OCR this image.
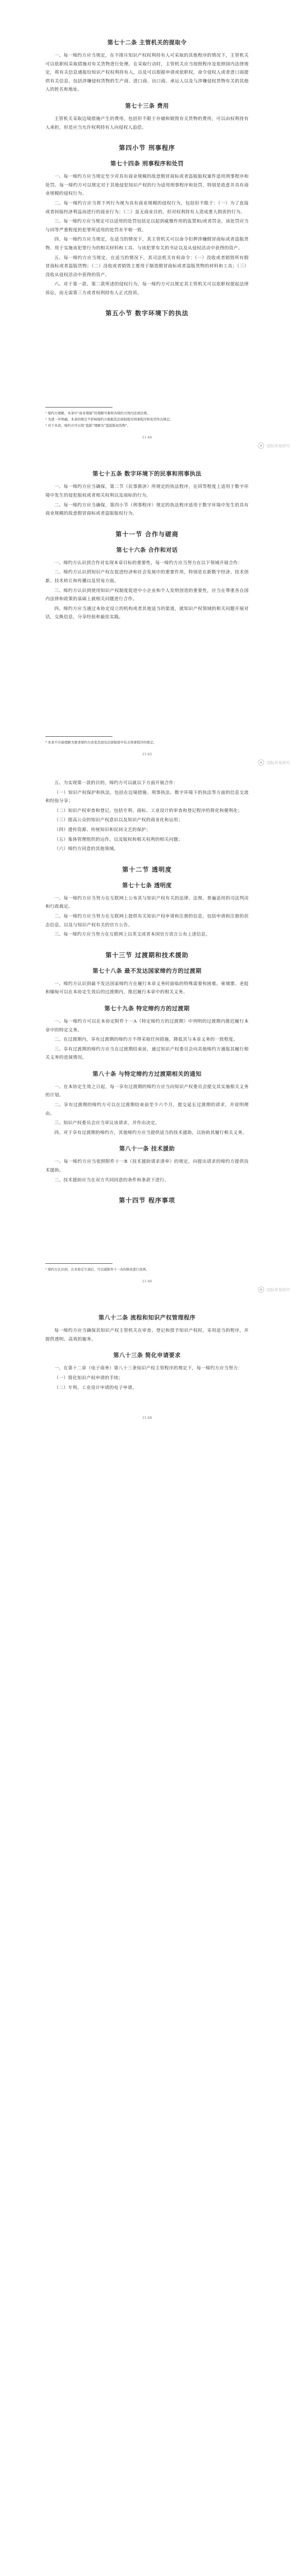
第七十二条 主管机关的提取令

一、每一缔约方应当规定，在不排斥知识产权权利持有人可采取的其他程序的情况下，主管机关可以依职权采取措施对有关货物进行处理。在采取行动时，主管机关应当按照程序及依照国内法律规定，将有关信息通报给知识产权权利持有人，以及可以根据申请或依职权，命令侵权人或者进口商提供有关信息，包括涉嫌侵权货物的生产商、进口商、出口商、承运人以及与涉嫌侵权货物有关的其他人的姓名和地址。

第七十三条 费用

主管机关采取边境措施产生的费用，包括但不限于存储和销毁有关货物的费用，可以由权利持有人承担，但是应当允许权利持有人向侵权人追偿。

第四小节 刑事程序
第七十四条 刑事程序和处罚

一、每一缔约方应当规定至少对具有商业规模的故意假冒商标或者盗版版权案件适用刑事程序和处罚。每一缔约方可以规定对于其他侵犯知识产权的行为适用刑事程序和处罚，特别是故意并具有商业规模的侵权行为。

二、每一缔约方应当将下列行为视为具有商业规模的侵权行为，包括但不限于：（一）为了直接或者间接经济利益而进行的商业行为；（二）虽无商业目的，但对权利持有人造成重大损害的行为。

三、每一缔约方应当规定可以适用的处罚包括足以起到威慑作用的监禁和/或者罚金，该处罚应当与同等严重程度的犯罪所适用的处罚水平相一致。

四、每一缔约方应当规定，在适当的情况下，其主管机关可以命令扣押涉嫌假冒商标或者盗版货物、用于实施该犯罪行为的相关材料和工具、与该犯罪有关的书证以及从侵权活动中获得的资产。

五、每一缔约方应当规定，在适当的情况下，其司法机关有权命令：（一）没收或者销毁所有假冒商标或者盗版货物；（二）没收或者销毁主要用于制造假冒商标或者盗版货物的材料和工具；（三）没收从侵权活动中获得的资产。

六、对于第一款、第二款所述的侵权行为，每一缔约方可以规定其主管机关可以依职权提起法律诉讼，而无需第三方或者权利持有人正式投诉。

第五小节 数字环境下的执法
¹ 缔约方理解，本条中“商业规模”的理解可参照各缔约方国内法律法规。
² 为进一步明确，本条的规定不影响缔约方根据其法律制度对刑事程序和处罚作出规定。
³ 对于本款，缔约方可以将“盗版”理解为“盗版版权货物”。
11-44
国际贸易研究
第七十五条 数字环境下的民事和刑事执法

一、每一缔约方应当确保，第二节（民事救济）所规定的执法程序，在同等程度上适用于数字环境中发生的侵犯版权或者相关权利以及商标的行为。

二、每一缔约方应当确保，第四小节（刑事程序）规定的执法程序适用于数字环境中发生的具有商业规模的故意假冒商标或者盗版版权行为。

第十一节 合作与磋商
第七十六条 合作和对话

一、缔约方认识到合作对实现本章目标的重要性，每一缔约方应当努力在以下领域开展合作：

二、缔约方认识到知识产权在促进经济和社会发展中的重要作用，特别是在新数字经济、技术创新、技术转让和传播以及贸易方面。

三、缔约方认识到使用知识产权制度促进中小企业和个人发明创造的重要性，应当在尊重各自国内法律和政策的基础上就相关问题进行合作。

四、缔约方应当通过本协定设立的机构或者其他适当的渠道，就知识产权领域的相关问题开展对话，交换信息，分享经验和最佳实践。

⁴ 本条不应被理解为要求缔约方改变其现有法律制度中有关刑事程序的规定。
11-45
国际贸易研究

五、为实现第一款的目的，缔约方可以就以下方面开展合作：

（一）知识产权保护和执法，包括在边境措施、刑事执法、数字环境下的执法等方面的信息交流和经验分享；

（二）知识产权审查和登记，包括专利、商标、工业设计的审查和登记程序的简化和便利化；

（三）提高公众的知识产权意识以及知识产权的商业化和运用；

（四）遗传资源、传统知识和民间文艺的保护；

（五）集体管理组织的运作，以及版权和相关权利的相关问题；

（六）缔约方同意的其他领域。

第十二节 透明度
第七十七条 透明度

一、每一缔约方应当努力在互联网上公布其与知识产权有关的法律、法规、普遍适用的司法判决和行政裁定。

二、每一缔约方应当努力在互联网上提供有关知识产权申请和注册的信息，包括申请和注册的状态信息，以及与知识产权有关的官方公告。

三、每一缔约方应当努力在互联网上以英文或者本国官方语言公布上述信息。

第十三节 过渡期和技术援助
第七十八条 最不发达国家缔约方的过渡期

一、缔约方认识到最不发达国家缔约方在履行本章义务时面临的特殊需要和困难。柬埔寨、老挝和缅甸可以在本协定生效后的过渡期内，推迟履行本章中的相关义务。

第七十九条 特定缔约方的过渡期

一、每一缔约方可以在本协定附件十一A（特定缔约方的过渡期）中列明的过渡期内推迟履行本章中的特定义务。

二、在过渡期内，享有过渡期的缔约方不得采取任何措施，降低其与本章义务的一致程度。

三、享有过渡期的缔约方应当在过渡期结束前，通过知识产权委员会向其他缔约方通报其履行相关义务的进展情况。

第八十条 与特定缔约方过渡期相关的通知

一、在本协定生效之日起，每一享有过渡期的缔约方应当向知识产权委员会提交其实施相关义务的计划。

二、享有过渡期的缔约方可以在过渡期结束前至少六个月，提交延长过渡期的请求，并说明理由。

三、知识产权委员会应当审议该请求，并作出决定。

四、对于享有过渡期的缔约方，其他缔约方应当提供适当的技术援助，以协助其履行相关义务。

第八十一条 技术援助

一、每一缔约方应当依照附件十一B（技术援助请求清单）的规定，向提出请求的缔约方提供技术援助。

二、技术援助应当在双方共同同意的条件和条款下进行。

第十四节 程序事项
⁵ 缔约方认识到，在本协定生效后，可以就附件十一A的修改进行谈判。
11-46
国际贸易研究
第八十二条 流程和知识产权管理程序

每一缔约方应当确保其知识产权主管机关在审查、登记和授予知识产权时，采用适当的程序，并提供透明、高效的服务。

第八十三条 简化申请要求

一、在第十二章（电子商务）第八十三条知识产权主管程序的规定下，每一缔约方应当努力：

（一）简化知识产权申请的手续；

（二）专利、工业设计申请的电子申请。

11-48
